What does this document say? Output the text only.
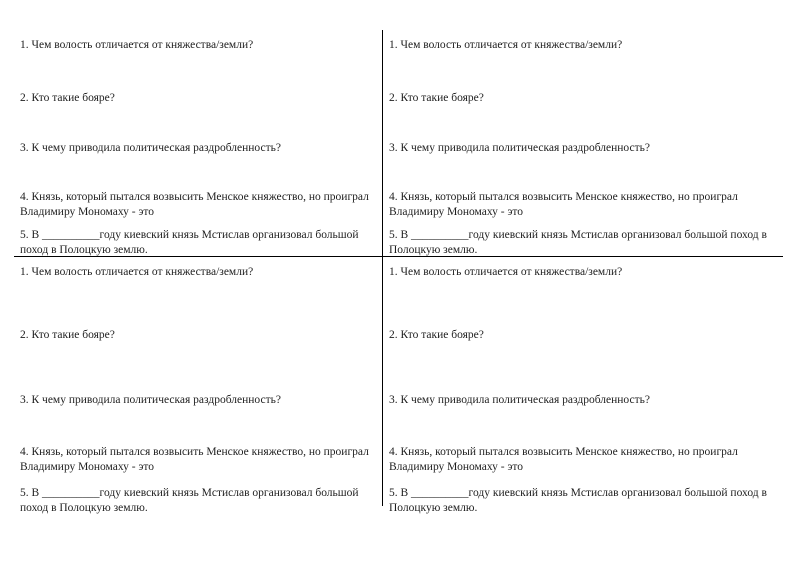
1. Чем волость отличается от княжества/земли?

2. Кто такие бояре?

3. К чему приводила политическая раздробленность?

4. Князь, который пытался возвысить Менское княжество, но проиграл Владимиру Мономаху - это

5. В __________году киевский князь Мстислав организовал большой поход в Полоцкую землю.

1. Чем волость отличается от княжества/земли?

2. Кто такие бояре?

3. К чему приводила политическая раздробленность?

4. Князь, который пытался возвысить Менское княжество, но проиграл Владимиру Мономаху - это

5. В __________году киевский князь Мстислав организовал большой поход в Полоцкую землю.

1. Чем волость отличается от княжества/земли?

2. Кто такие бояре?

3. К чему приводила политическая раздробленность?

4. Князь, который пытался возвысить Менское княжество, но проиграл Владимиру Мономаху - это

5. В __________году киевский князь Мстислав организовал большой поход в Полоцкую землю.

1. Чем волость отличается от княжества/земли?

2. Кто такие бояре?

3. К чему приводила политическая раздробленность?

4. Князь, который пытался возвысить Менское княжество, но проиграл Владимиру Мономаху - это

5. В __________году киевский князь Мстислав организовал большой поход в Полоцкую землю.
